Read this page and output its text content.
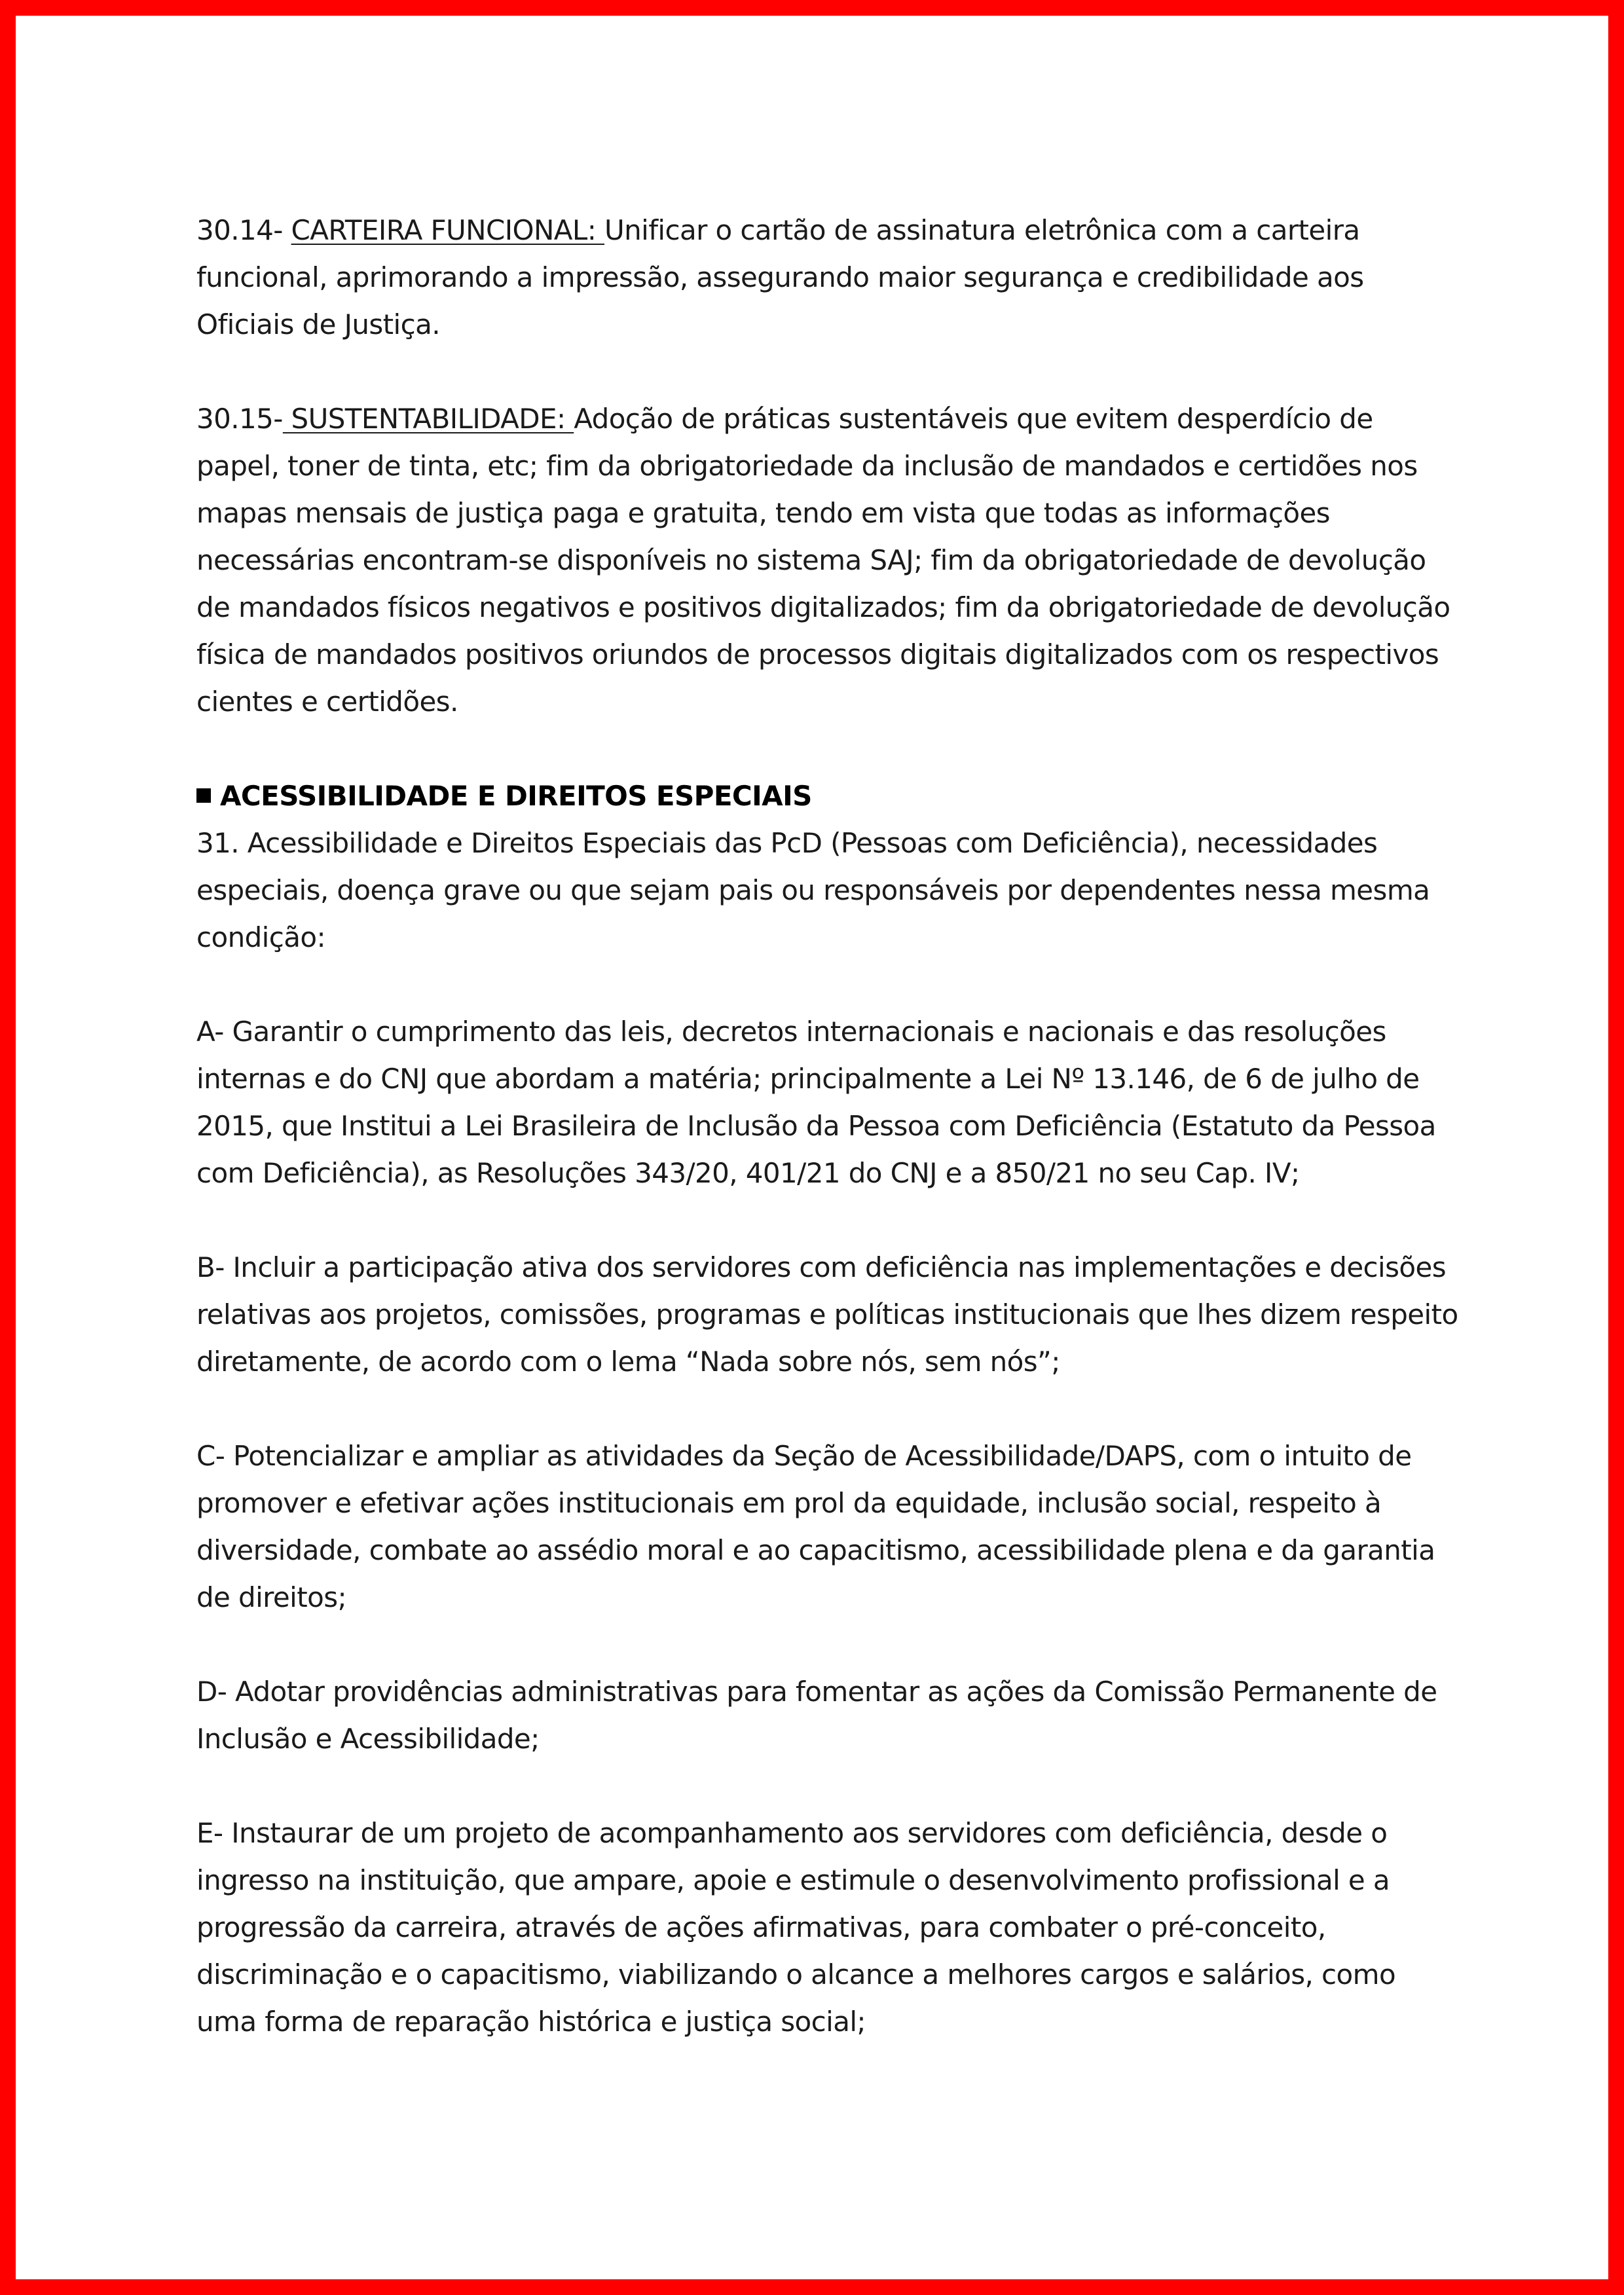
30.14- CARTEIRA FUNCIONAL: Unificar o cartão de assinatura eletrônica com a carteira funcional, aprimorando a impressão, assegurando maior segurança e credibilidade aos Oficiais de Justiça.

30.15- SUSTENTABILIDADE: Adoção de práticas sustentáveis que evitem desperdício de papel, toner de tinta, etc; fim da obrigatoriedade da inclusão de mandados e certidões nos mapas mensais de justiça paga e gratuita, tendo em vista que todas as informações necessárias encontram-se disponíveis no sistema SAJ; fim da obrigatoriedade de devolução de mandados físicos negativos e positivos digitalizados; fim da obrigatoriedade de devolução física de mandados positivos oriundos de processos digitais digitalizados com os respectivos cientes e certidões.

ACESSIBILIDADE E DIREITOS ESPECIAIS

31. Acessibilidade e Direitos Especiais das PcD (Pessoas com Deficiência), necessidades especiais, doença grave ou que sejam pais ou responsáveis por dependentes nessa mesma condição:

A- Garantir o cumprimento das leis, decretos internacionais e nacionais e das resoluções internas e do CNJ que abordam a matéria; principalmente a Lei Nº 13.146, de 6 de julho de 2015, que Institui a Lei Brasileira de Inclusão da Pessoa com Deficiência (Estatuto da Pessoa com Deficiência), as Resoluções 343/20, 401/21 do CNJ e a 850/21 no seu Cap. IV;

B- Incluir a participação ativa dos servidores com deficiência nas implementações e decisões relativas aos projetos, comissões, programas e políticas institucionais que lhes dizem respeito diretamente, de acordo com o lema “Nada sobre nós, sem nós”;

C- Potencializar e ampliar as atividades da Seção de Acessibilidade/DAPS, com o intuito de promover e efetivar ações institucionais em prol da equidade, inclusão social, respeito à diversidade, combate ao assédio moral e ao capacitismo, acessibilidade plena e da garantia de direitos;

D- Adotar providências administrativas para fomentar as ações da Comissão Permanente de Inclusão e Acessibilidade;

E- Instaurar de um projeto de acompanhamento aos servidores com deficiência, desde o ingresso na instituição, que ampare, apoie e estimule o desenvolvimento profissional e a progressão da carreira, através de ações afirmativas, para combater o pré-conceito, discriminação e o capacitismo, viabilizando o alcance a melhores cargos e salários, como uma forma de reparação histórica e justiça social;
